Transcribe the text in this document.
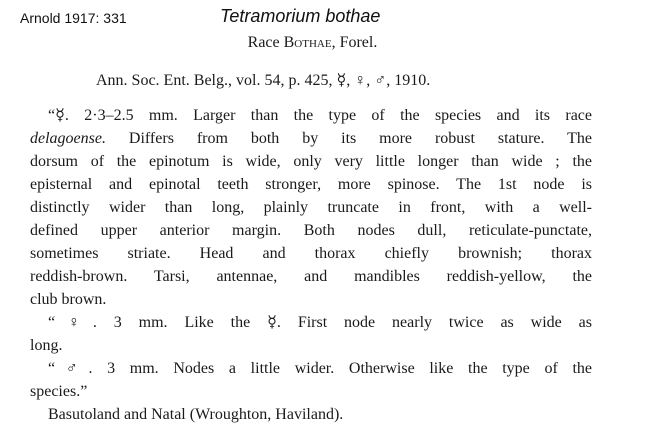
Arnold 1917: 331	Tetramorium bothae
Race Bothae, Forel.
Ann. Soc. Ent. Belg., vol. 54, p. 425, ☿, ♀, ♂, 1910.
“☿. 2·3–2.5 mm. Larger than the type of the species and its race
delagoense. Differs from both by its more robust stature. The
dorsum of the epinotum is wide, only very little longer than wide ; the
episternal and epinotal teeth stronger, more spinose. The 1st node is
distinctly wider than long, plainly truncate in front, with a well-
defined upper anterior margin. Both nodes dull, reticulate-punctate,
sometimes striate. Head and thorax chiefly brownish; thorax
reddish-brown. Tarsi, antennae, and mandibles reddish-yellow, the
club brown.
“♀. 3 mm. Like the ☿. First node nearly twice as wide as
long.
“♂. 3 mm. Nodes a little wider. Otherwise like the type of the
species.”
Basutoland and Natal (Wroughton, Haviland).
